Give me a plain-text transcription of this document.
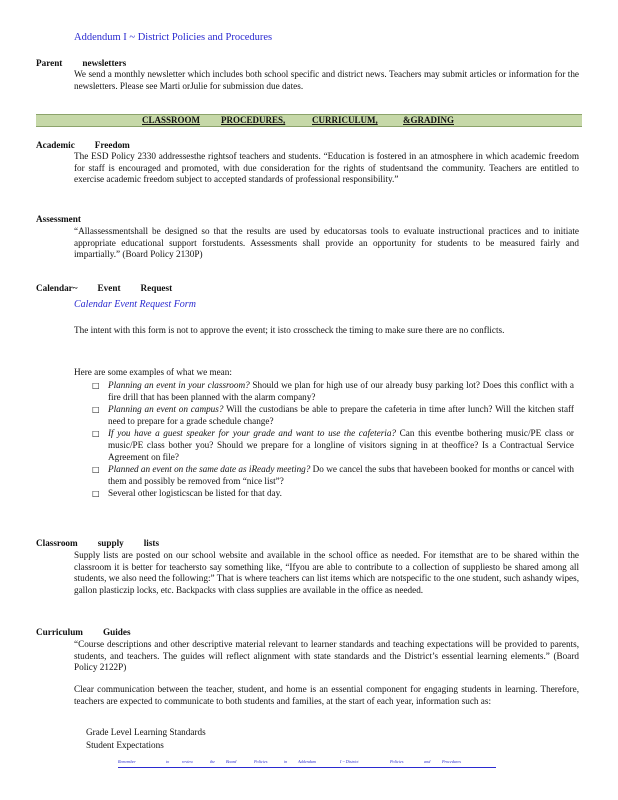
Addendum I ~ District Policies and Procedures
Parent newsletters
We send a monthly newsletter which includes both school specific and district news. Teachers may submit articles or information for the newsletters. Please see Marti orJulie for submission due dates.
CLASSROOM PROCEDURES,	CURRICULUM,	&GRADING
Academic Freedom
The ESD Policy 2330 addressesthe rightsof teachers and students. “Education is fostered in an atmosphere in which academic freedom for staff is encouraged and promoted, with due consideration for the rights of studentsand the community. Teachers are entitled to exercise academic freedom subject to accepted standards of professional responsibility.”
Assessment
“Allassessmentshall be designed so that the results are used by educatorsas tools to evaluate instructional practices and to initiate appropriate educational support forstudents. Assessments shall provide an opportunity for students to be measured fairly and impartially.” (Board Policy 2130P)
Calendar~ Event Request
Calendar Event Request Form
The intent with this form is not to approve the event; it isto crosscheck the timing to make sure there are no conflicts.
Here are some examples of what we mean:
□ Planning an event in your classroom? Should we plan for high use of our already busy parking lot? Does this conflict with a fire drill that has been planned with the alarm company?
□ Planning an event on campus? Will the custodians be able to prepare the cafeteria in time after lunch? Will the kitchen staff need to prepare for a grade schedule change?
□ If you have a guest speaker for your grade and want to use the cafeteria? Can this eventbe bothering music/PE class or music/PE class bother you? Should we prepare for a longline of visitors signing in at theoffice? Is a Contractual Service Agreement on file?
□ Planned an event on the same date as iReady meeting? Do we cancel the subs that havebeen booked for months or cancel with them and possibly be removed from “nice list”?
□ Several other logisticscan be listed for that day.
Classroom supply lists
Supply lists are posted on our school website and available in the school office as needed. For itemsthat are to be shared within the classroom it is better for teachersto say something like, “Ifyou are able to contribute to a collection of suppliesto be shared among all students, we also need the following:” That is where teachers can list items which are notspecific to the one student, such ashandy wipes, gallon plasticzip locks, etc. Backpacks with class supplies are available in the office as needed.
Curriculum Guides
“Course descriptions and other descriptive material relevant to learner standards and teaching expectations will be provided to parents, students, and teachers. The guides will reflect alignment with state standards and the District’s essential learning elements.” (Board Policy 2122P)
Clear communication between the teacher, student, and home is an essential component for engaging students in learning. Therefore, teachers are expected to communicate to both students and families, at the start of each year, information such as:
Grade Level Learning Standards
Student Expectations
Remember	to	review	the	Board	Policies	in	Addendum	I ~ District	Policies	and	Procedures
